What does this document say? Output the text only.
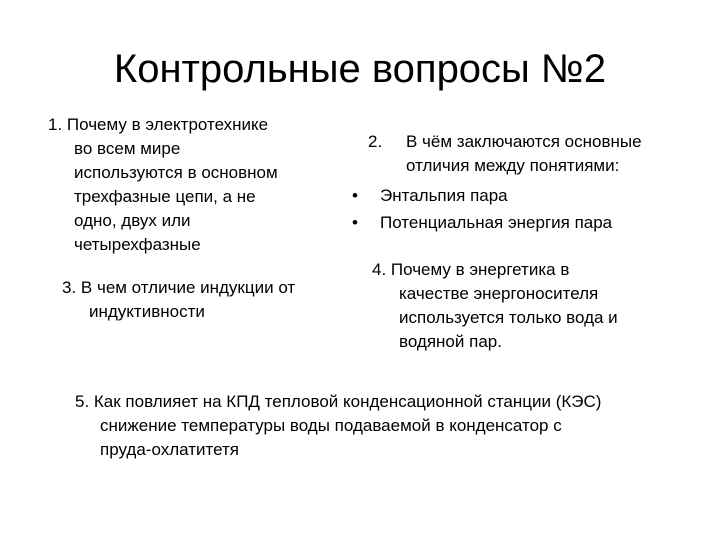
Контрольные вопросы №2
1. Почему в электротехнике
во всем мире
используются в основном
трехфазные цепи, а не
одно, двух или
четырехфазные
2. В чём заключаются основные
отличия между понятиями:
• Энтальпия пара
• Потенциальная энергия пара
3. В чем отличие индукции от
индуктивности
4. Почему в энергетика в
качестве энергоносителя
используется только вода и
водяной пар.
5. Как повлияет на КПД тепловой конденсационной станции (КЭС)
снижение температуры воды подаваемой в конденсатор с
пруда-охлатитетя
